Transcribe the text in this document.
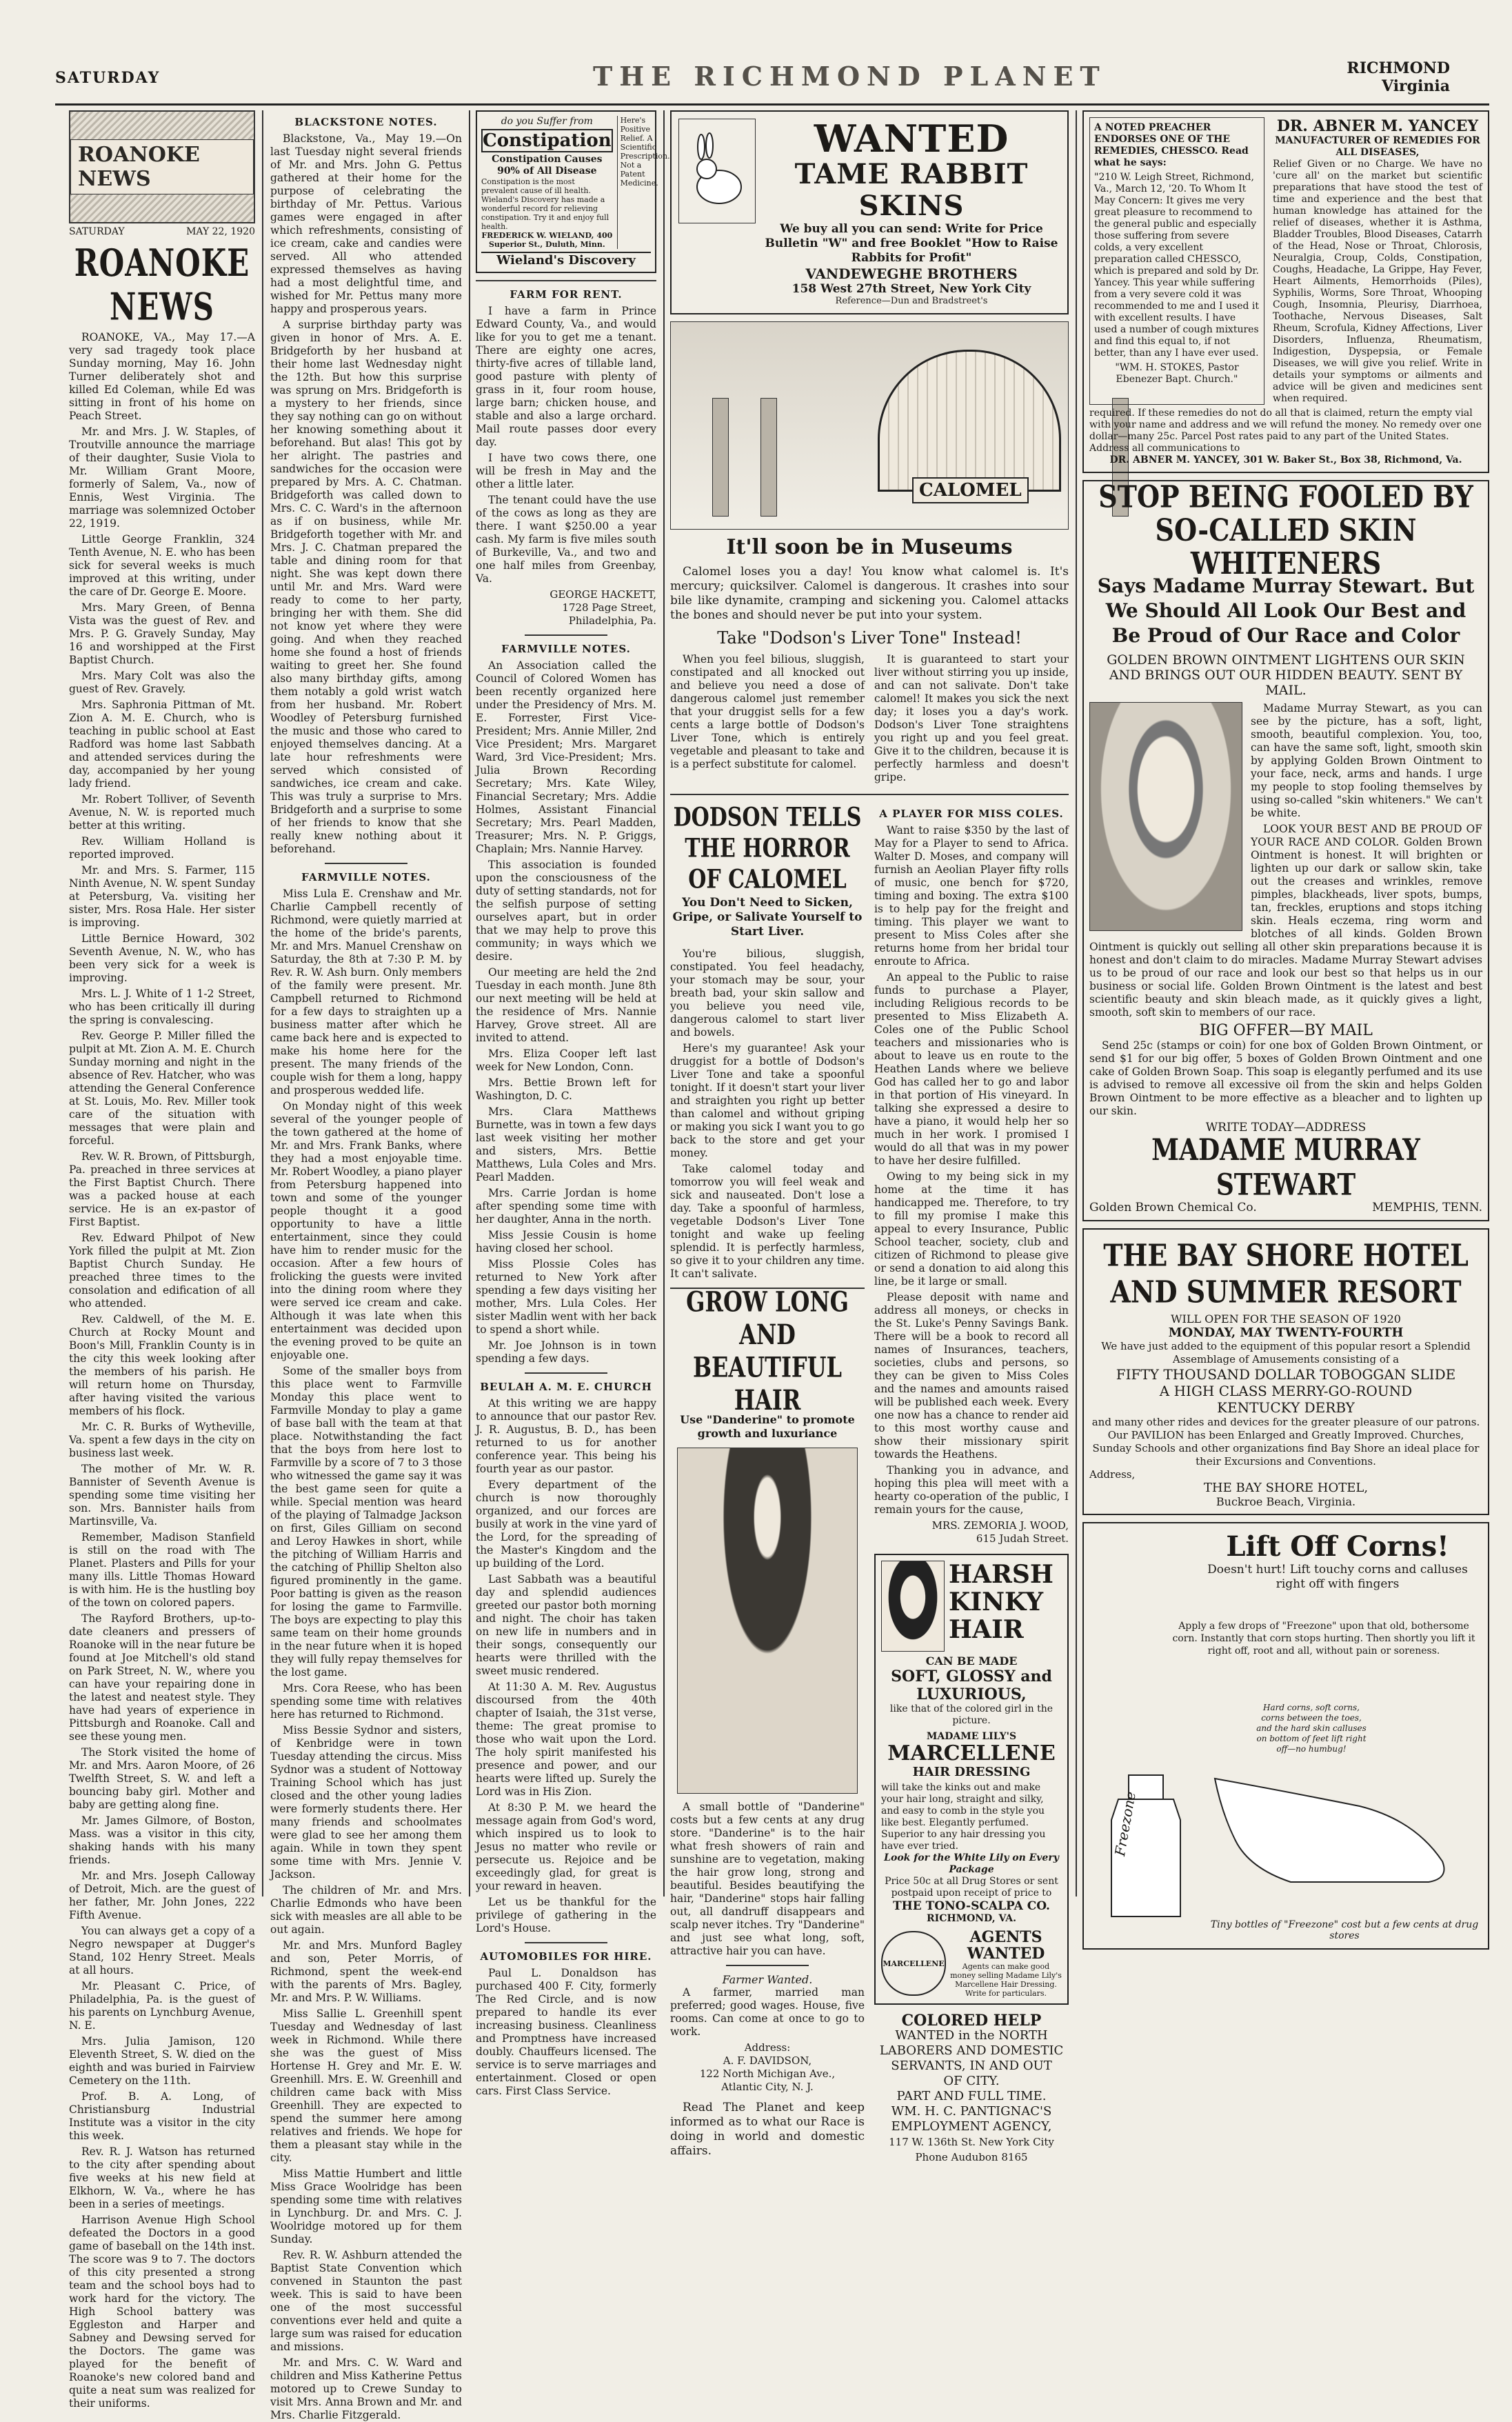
SATURDAY	THE RICHMOND PLANET	RICHMOND
Virginia
ROANOKE NEWS
SATURDAY	MAY 22, 1920
ROANOKE NEWS

ROANOKE, VA., May 17.—A very sad tragedy took place Sunday morning, May 16. John Turner deliberately shot and killed Ed Coleman, while Ed was sitting in front of his home on Peach Street.

Mr. and Mrs. J. W. Staples, of Troutville announce the marriage of their daughter, Susie Viola to Mr. William Grant Moore, formerly of Salem, Va., now of Ennis, West Virginia. The marriage was solemnized October 22, 1919.

Little George Franklin, 324 Tenth Avenue, N. E. who has been sick for several weeks is much improved at this writing, under the care of Dr. George E. Moore.

Mrs. Mary Green, of Benna Vista was the guest of Rev. and Mrs. P. G. Gravely Sunday, May 16 and worshipped at the First Baptist Church.

Mrs. Mary Colt was also the guest of Rev. Gravely.

Mrs. Saphronia Pittman of Mt. Zion A. M. E. Church, who is teaching in public school at East Radford was home last Sabbath and attended services during the day, accompanied by her young lady friend.

Mr. Robert Tolliver, of Seventh Avenue, N. W. is reported much better at this writing.

Rev. William Holland is reported improved.

Mr. and Mrs. S. Farmer, 115 Ninth Avenue, N. W. spent Sunday at Petersburg, Va. visiting her sister, Mrs. Rosa Hale. Her sister is improving.

Little Bernice Howard, 302 Seventh Avenue, N. W., who has been very sick for a week is improving.

Mrs. L. J. White of 1 1-2 Street, who has been critically ill during the spring is convalescing.

Rev. George P. Miller filled the pulpit at Mt. Zion A. M. E. Church Sunday morning and night in the absence of Rev. Hatcher, who was attending the General Conference at St. Louis, Mo. Rev. Miller took care of the situation with messages that were plain and forceful.

Rev. W. R. Brown, of Pittsburgh, Pa. preached in three services at the First Baptist Church. There was a packed house at each service. He is an ex-pastor of First Baptist.

Rev. Edward Philpot of New York filled the pulpit at Mt. Zion Baptist Church Sunday. He preached three times to the consolation and edification of all who attended.

Rev. Caldwell, of the M. E. Church at Rocky Mount and Boon's Mill, Franklin County is in the city this week looking after the members of his parish. He will return home on Thursday, after having visited the various members of his flock.

Mr. C. R. Burks of Wytheville, Va. spent a few days in the city on business last week.

The mother of Mr. W. R. Bannister of Seventh Avenue is spending some time visiting her son. Mrs. Bannister hails from Martinsville, Va.

Remember, Madison Stanfield is still on the road with The Planet. Plasters and Pills for your many ills. Little Thomas Howard is with him. He is the hustling boy of the town on colored papers.

The Rayford Brothers, up-to-date cleaners and pressers of Roanoke will in the near future be found at Joe Mitchell's old stand on Park Street, N. W., where you can have your repairing done in the latest and neatest style. They have had years of experience in Pittsburgh and Roanoke. Call and see these young men.

The Stork visited the home of Mr. and Mrs. Aaron Moore, of 26 Twelfth Street, S. W. and left a bouncing baby girl. Mother and baby are getting along fine.

Mr. James Gilmore, of Boston, Mass. was a visitor in this city, shaking hands with his many friends.

Mr. and Mrs. Joseph Calloway of Detroit, Mich. are the guest of her father, Mr. John Jones, 222 Fifth Avenue.

You can always get a copy of a Negro newspaper at Dugger's Stand, 102 Henry Street. Meals at all hours.

Mr. Pleasant C. Price, of Philadelphia, Pa. is the guest of his parents on Lynchburg Avenue, N. E.

Mrs. Julia Jamison, 120 Eleventh Street, S. W. died on the eighth and was buried in Fairview Cemetery on the 11th.

Prof. B. A. Long, of Christiansburg Industrial Institute was a visitor in the city this week.

Rev. R. J. Watson has returned to the city after spending about five weeks at his new field at Elkhorn, W. Va., where he has been in a series of meetings.

Harrison Avenue High School defeated the Doctors in a good game of baseball on the 14th inst. The score was 9 to 7. The doctors of this city presented a strong team and the school boys had to work hard for the victory. The High School battery was Eggleston and Harper and Sabney and Dewsing served for the Doctors. The game was played for the benefit of Roanoke's new colored band and quite a neat sum was realized for their uniforms.

BLACKSTONE NOTES.

Blackstone, Va., May 19.—On last Tuesday night several friends of Mr. and Mrs. John G. Pettus gathered at their home for the purpose of celebrating the birthday of Mr. Pettus. Various games were engaged in after which refreshments, consisting of ice cream, cake and candies were served. All who attended expressed themselves as having had a most delightful time, and wished for Mr. Pettus many more happy and prosperous years.

A surprise birthday party was given in honor of Mrs. A. E. Bridgeforth by her husband at their home last Wednesday night the 12th. But how this surprise was sprung on Mrs. Bridgeforth is a mystery to her friends, since they say nothing can go on without her knowing something about it beforehand. But alas! This got by her alright. The pastries and sandwiches for the occasion were prepared by Mrs. A. C. Chatman. Bridgeforth was called down to Mrs. C. C. Ward's in the afternoon as if on business, while Mr. Bridgeforth together with Mr. and Mrs. J. C. Chatman prepared the table and dining room for that night. She was kept down there until Mr. and Mrs. Ward were ready to come to her party, bringing her with them. She did not know yet where they were going. And when they reached home she found a host of friends waiting to greet her. She found also many birthday gifts, among them notably a gold wrist watch from her husband. Mr. Robert Woodley of Petersburg furnished the music and those who cared to enjoyed themselves dancing. At a late hour refreshments were served which consisted of sandwiches, ice cream and cake. This was truly a surprise to Mrs. Bridgeforth and a surprise to some of her friends to know that she really knew nothing about it beforehand.

FARMVILLE NOTES.

Miss Lula E. Crenshaw and Mr. Charlie Campbell recently of Richmond, were quietly married at the home of the bride's parents, Mr. and Mrs. Manuel Crenshaw on Saturday, the 8th at 7:30 P. M. by Rev. R. W. Ash burn. Only members of the family were present. Mr. Campbell returned to Richmond for a few days to straighten up a business matter after which he came back here and is expected to make his home here for the present. The many friends of the couple wish for them a long, happy and prosperous wedded life.

On Monday night of this week several of the younger people of the town gathered at the home of Mr. and Mrs. Frank Banks, where they had a most enjoyable time. Mr. Robert Woodley, a piano player from Petersburg happened into town and some of the younger people thought it a good opportunity to have a little entertainment, since they could have him to render music for the occasion. After a few hours of frolicking the guests were invited into the dining room where they were served ice cream and cake. Although it was late when this entertainment was decided upon the evening proved to be quite an enjoyable one.

Some of the smaller boys from this place went to Farmville Monday this place went to Farmville Monday to play a game of base ball with the team at that place. Notwithstanding the fact that the boys from here lost to Farmville by a score of 7 to 3 those who witnessed the game say it was the best game seen for quite a while. Special mention was heard of the playing of Talmadge Jackson on first, Giles Gilliam on second and Leroy Hawkes in short, while the pitching of William Harris and the catching of Phillip Shelton also figured prominently in the game. Poor batting is given as the reason for losing the game to Farmville. The boys are expecting to play this same team on their home grounds in the near future when it is hoped they will fully repay themselves for the lost game.

Mrs. Cora Reese, who has been spending some time with relatives here has returned to Richmond.

Miss Bessie Sydnor and sisters, of Kenbridge were in town Tuesday attending the circus. Miss Sydnor was a student of Nottoway Training School which has just closed and the other young ladies were formerly students there. Her many friends and schoolmates were glad to see her among them again. While in town they spent some time with Mrs. Jennie V. Jackson.

The children of Mr. and Mrs. Charlie Edmonds who have been sick with measles are all able to be out again.

Mr. and Mrs. Munford Bagley and son, Peter Morris, of Richmond, spent the week-end with the parents of Mrs. Bagley, Mr. and Mrs. P. W. Williams.

Miss Sallie L. Greenhill spent Tuesday and Wednesday of last week in Richmond. While there she was the guest of Miss Hortense H. Grey and Mr. E. W. Greenhill. Mrs. E. W. Greenhill and children came back with Miss Greenhill. They are expected to spend the summer here among relatives and friends. We hope for them a pleasant stay while in the city.

Miss Mattie Humbert and little Miss Grace Woolridge has been spending some time with relatives in Lynchburg. Dr. and Mrs. C. J. Woolridge motored up for them Sunday.

Rev. R. W. Ashburn attended the Baptist State Convention which convened in Staunton the past week. This is said to have been one of the most successful conventions ever held and quite a large sum was raised for education and missions.

Mr. and Mrs. C. W. Ward and children and Miss Katherine Pettus motored up to Crewe Sunday to visit Mrs. Anna Brown and Mr. and Mrs. Charlie Fitzgerald.

do you Suffer from
Constipation
Constipation Causes 90% of All Disease
Constipation is the most prevalent cause of ill health. Wieland's Discovery has made a wonderful record for relieving constipation. Try it and enjoy full health.
FREDERICK W. WIELAND, 400 Superior St., Duluth, Minn.
Here's Positive Relief. A Scientific Prescription. Not a Patent Medicine.
Wieland's Discovery
FARM FOR RENT.

I have a farm in Prince Edward County, Va., and would like for you to get me a tenant. There are eighty one acres, thirty-five acres of tillable land, good pasture with plenty of grass in it, four room house, large barn; chicken house, and stable and also a large orchard. Mail route passes door every day.

I have two cows there, one will be fresh in May and the other a little later.

The tenant could have the use of the cows as long as they are there. I want $250.00 a year cash. My farm is five miles south of Burkeville, Va., and two and one half miles from Greenbay, Va.

GEORGE HACKETT,
1728 Page Street,
Philadelphia, Pa.
FARMVILLE NOTES.

An Association called the Council of Colored Women has been recently organized here under the Presidency of Mrs. M. E. Forrester, First Vice-President; Mrs. Annie Miller, 2nd Vice President; Mrs. Margaret Ward, 3rd Vice-President; Mrs. Julia Brown Recording Secretary; Mrs. Kate Wiley, Financial Secretary; Mrs. Addie Holmes, Assistant Financial Secretary; Mrs. Pearl Madden, Treasurer; Mrs. N. P. Griggs, Chaplain; Mrs. Nannie Harvey.

This association is founded upon the consciousness of the duty of setting standards, not for the selfish purpose of setting ourselves apart, but in order that we may help to prove this community; in ways which we desire.

Our meeting are held the 2nd Tuesday in each month. June 8th our next meeting will be held at the residence of Mrs. Nannie Harvey, Grove street. All are invited to attend.

Mrs. Eliza Cooper left last week for New London, Conn.

Mrs. Bettie Brown left for Washington, D. C.

Mrs. Clara Matthews Burnette, was in town a few days last week visiting her mother and sisters, Mrs. Bettie Matthews, Lula Coles and Mrs. Pearl Madden.

Mrs. Carrie Jordan is home after spending some time with her daughter, Anna in the north.

Miss Jessie Cousin is home having closed her school.

Miss Plossie Coles has returned to New York after spending a few days visiting her mother, Mrs. Lula Coles. Her sister Madlin went with her back to spend a short while.

Mr. Joe Johnson is in town spending a few days.

BEULAH A. M. E. CHURCH

At this writing we are happy to announce that our pastor Rev. J. R. Augustus, B. D., has been returned to us for another conference year. This being his fourth year as our pastor.

Every department of the church is now thoroughly organized, and our forces are busily at work in the vine yard of the Lord, for the spreading of the Master's Kingdom and the up building of the Lord.

Last Sabbath was a beautiful day and splendid audiences greeted our pastor both morning and night. The choir has taken on new life in numbers and in their songs, consequently our hearts were thrilled with the sweet music rendered.

At 11:30 A. M. Rev. Augustus discoursed from the 40th chapter of Isaiah, the 31st verse, theme: The great promise to those who wait upon the Lord. The holy spirit manifested his presence and power, and our hearts were lifted up. Surely the Lord was in His Zion.

At 8:30 P. M. we heard the message again from God's word, which inspired us to look to Jesus no matter who revile or persecute us. Rejoice and be exceedingly glad, for great is your reward in heaven.

Let us be thankful for the privilege of gathering in the Lord's House.

AUTOMOBILES FOR HIRE.

Paul L. Donaldson has purchased 400 F. City, formerly The Red Circle, and is now prepared to handle its ever increasing business. Cleanliness and Promptness have increased doubly. Chauffeurs licensed. The service is to serve marriages and entertainment. Closed or open cars. First Class Service.

WANTED
TAME RABBIT SKINS
We buy all you can send: Write for Price Bulletin "W" and free Booklet "How to Raise Rabbits for Profit"
VANDEWEGHE BROTHERS
158 West 27th Street, New York City
Reference—Dun and Bradstreet's
CALOMEL
It'll soon be in Museums

Calomel loses you a day! You know what calomel is. It's mercury; quicksilver. Calomel is dangerous. It crashes into sour bile like dynamite, cramping and sickening you. Calomel attacks the bones and should never be put into your system.

Take "Dodson's Liver Tone" Instead!

When you feel bilious, sluggish, constipated and all knocked out and believe you need a dose of dangerous calomel just remember that your druggist sells for a few cents a large bottle of Dodson's Liver Tone, which is entirely vegetable and pleasant to take and is a perfect substitute for calomel.

It is guaranteed to start your liver without stirring you up inside, and can not salivate. Don't take calomel! It makes you sick the next day; it loses you a day's work. Dodson's Liver Tone straightens you right up and you feel great. Give it to the children, because it is perfectly harmless and doesn't gripe.

DODSON TELLS THE HORROR OF CALOMEL
You Don't Need to Sicken, Gripe, or Salivate Yourself to Start Liver.

You're bilious, sluggish, constipated. You feel headachy, your stomach may be sour, your breath bad, your skin sallow and you believe you need vile, dangerous calomel to start liver and bowels.

Here's my guarantee! Ask your druggist for a bottle of Dodson's Liver Tone and take a spoonful tonight. If it doesn't start your liver and straighten you right up better than calomel and without griping or making you sick I want you to go back to the store and get your money.

Take calomel today and tomorrow you will feel weak and sick and nauseated. Don't lose a day. Take a spoonful of harmless, vegetable Dodson's Liver Tone tonight and wake up feeling splendid. It is perfectly harmless, so give it to your children any time. It can't salivate.

GROW LONG AND BEAUTIFUL HAIR
Use "Danderine" to promote growth and luxuriance

A small bottle of "Danderine" costs but a few cents at any drug store. "Danderine" is to the hair what fresh showers of rain and sunshine are to vegetation, making the hair grow long, strong and beautiful. Besides beautifying the hair, "Danderine" stops hair falling out, all dandruff disappears and scalp never itches. Try "Danderine" and just see what long, soft, attractive hair you can have.

Farmer Wanted.

A farmer, married man preferred; good wages. House, five rooms. Can come at once to go to work.

Address:
A. F. DAVIDSON,
122 North Michigan Ave.,
Atlantic City, N. J.

Read The Planet and keep informed as to what our Race is doing in world and domestic affairs.

A PLAYER FOR MISS COLES.

Want to raise $350 by the last of May for a Player to send to Africa. Walter D. Moses, and company will furnish an Aeolian Player fifty rolls of music, one bench for $720, timing and boxing. The extra $100 is to help pay for the freight and timing. This player we want to present to Miss Coles after she returns home from her bridal tour enroute to Africa.

An appeal to the Public to raise funds to purchase a Player, including Religious records to be presented to Miss Elizabeth A. Coles one of the Public School teachers and missionaries who is about to leave us en route to the Heathen Lands where we believe God has called her to go and labor in that portion of His vineyard. In talking she expressed a desire to have a piano, it would help her so much in her work. I promised I would do all that was in my power to have her desire fulfilled.

Owing to my being sick in my home at the time it has handicapped me. Therefore, to try to fill my promise I make this appeal to every Insurance, Public School teacher, society, club and citizen of Richmond to please give or send a donation to aid along this line, be it large or small.

Please deposit with name and address all moneys, or checks in the St. Luke's Penny Savings Bank. There will be a book to record all names of Insurances, teachers, societies, clubs and persons, so they can be given to Miss Coles and the names and amounts raised will be published each week. Every one now has a chance to render aid to this most worthy cause and show their missionary spirit towards the Heathens.

Thanking you in advance, and hoping this plea will meet with a hearty co-operation of the public, I remain yours for the cause,

MRS. ZEMORIA J. WOOD,
615 Judah Street.
HARSH
KINKY
HAIR
CAN BE MADE
SOFT, GLOSSY and LUXURIOUS,
like that of the colored girl in the picture.
MADAME LILY'S
MARCELLENE
HAIR DRESSING
will take the kinks out and make your hair long, straight and silky, and easy to comb in the style you like best. Elegantly perfumed. Superior to any hair dressing you have ever tried.
Look for the White Lily on Every Package
Price 50c at all Drug Stores or sent postpaid upon receipt of price to
THE TONO-SCALPA CO.
RICHMOND, VA.
MARCELLENE
AGENTS
WANTED
Agents can make good money selling Madame Lily's Marcellene Hair Dressing. Write for particulars.
COLORED HELP
WANTED in the NORTH
LABORERS AND DOMESTIC
SERVANTS, IN AND OUT
OF CITY.
PART AND FULL TIME.
WM. H. C. PANTIGNAC'S
EMPLOYMENT AGENCY,
117 W. 136th St. New York City
Phone Audubon 8165
A NOTED PREACHER ENDORSES ONE OF THE REMEDIES, CHESSCO. Read what he says:
"210 W. Leigh Street, Richmond, Va., March 12, '20. To Whom It May Concern: It gives me very great pleasure to recommend to the general public and especially those suffering from severe colds, a very excellent preparation called CHESSCO, which is prepared and sold by Dr. Yancey. This year while suffering from a very severe cold it was recommended to me and I used it with excellent results. I have used a number of cough mixtures and find this equal to, if not better, than any I have ever used.
"WM. H. STOKES, Pastor Ebenezer Bapt. Church."
DR. ABNER M. YANCEY
MANUFACTURER OF REMEDIES FOR ALL DISEASES,
Relief Given or no Charge. We have no 'cure all' on the market but scientific preparations that have stood the test of time and experience and the best that human knowledge has attained for the relief of diseases, whether it is Asthma, Bladder Troubles, Blood Diseases, Catarrh of the Head, Nose or Throat, Chlorosis, Neuralgia, Croup, Colds, Constipation, Coughs, Headache, La Grippe, Hay Fever, Heart Ailments, Hemorrhoids (Piles), Syphilis, Worms, Sore Throat, Whooping Cough, Insomnia, Pleurisy, Diarrhoea, Toothache, Nervous Diseases, Salt Rheum, Scrofula, Kidney Affections, Liver Disorders, Influenza, Rheumatism, Indigestion, Dyspepsia, or Female Diseases, we will give you relief. Write in details your symptoms or ailments and advice will be given and medicines sent when required.
required. If these remedies do not do all that is claimed, return the empty vial with your name and address and we will refund the money. No remedy over one dollar—many 25c. Parcel Post rates paid to any part of the United States. Address all communications to
DR. ABNER M. YANCEY, 301 W. Baker St., Box 38, Richmond, Va.
STOP BEING FOOLED BY SO-CALLED SKIN WHITENERS
Says Madame Murray Stewart. But We Should All Look Our Best and Be Proud of Our Race and Color
GOLDEN BROWN OINTMENT LIGHTENS OUR SKIN AND BRINGS OUT OUR HIDDEN BEAUTY. SENT BY MAIL.

Madame Murray Stewart, as you can see by the picture, has a soft, light, smooth, beautiful complexion. You, too, can have the same soft, light, smooth skin by applying Golden Brown Ointment to your face, neck, arms and hands. I urge my people to stop fooling themselves by using so-called "skin whiteners." We can't be white.

LOOK YOUR BEST AND BE PROUD OF YOUR RACE AND COLOR. Golden Brown Ointment is honest. It will brighten or lighten up our dark or sallow skin, take out the creases and wrinkles, remove pimples, blackheads, liver spots, bumps, tan, freckles, eruptions and stops itching skin. Heals eczema, ring worm and blotches of all kinds. Golden Brown Ointment is quickly out selling all other skin preparations because it is honest and don't claim to do miracles. Madame Murray Stewart advises us to be proud of our race and look our best so that helps us in our business or social life. Golden Brown Ointment is the latest and best scientific beauty and skin bleach made, as it quickly gives a light, smooth, soft skin to members of our race.

BIG OFFER—BY MAIL

Send 25c (stamps or coin) for one box of Golden Brown Ointment, or send $1 for our big offer, 5 boxes of Golden Brown Ointment and one cake of Golden Brown Soap. This soap is elegantly perfumed and its use is advised to remove all excessive oil from the skin and helps Golden Brown Ointment to be more effective as a bleacher and to lighten up our skin.

WRITE TODAY—ADDRESS
MADAME MURRAY STEWART
Golden Brown Chemical Co.	MEMPHIS, TENN.
THE BAY SHORE HOTEL AND SUMMER RESORT
WILL OPEN FOR THE SEASON OF 1920
MONDAY, MAY TWENTY-FOURTH
We have just added to the equipment of this popular resort a Splendid Assemblage of Amusements consisting of a
FIFTY THOUSAND DOLLAR TOBOGGAN SLIDE
A HIGH CLASS MERRY-GO-ROUND
KENTUCKY DERBY
and many other rides and devices for the greater pleasure of our patrons.
Our PAVILION has been Enlarged and Greatly Improved. Churches, Sunday Schools and other organizations find Bay Shore an ideal place for their Excursions and Conventions.
Address,
THE BAY SHORE HOTEL,
Buckroe Beach, Virginia.
Lift Off Corns!
Doesn't hurt! Lift touchy corns and calluses right off with fingers
Apply a few drops of "Freezone" upon that old, bothersome corn. Instantly that corn stops hurting. Then shortly you lift it right off, root and all, without pain or soreness.
Hard corns, soft corns, corns between the toes, and the hard skin calluses on bottom of feet lift right off—no humbug!
Freezone
Tiny bottles of "Freezone" cost but a few cents at drug stores
